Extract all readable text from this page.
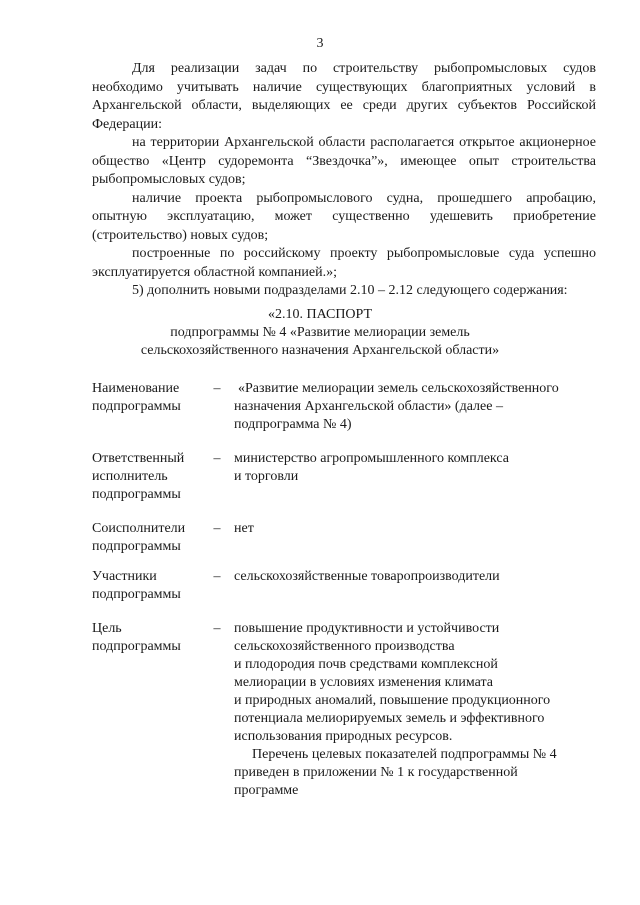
3

Для реализации задач по строительству рыбопромысловых судов необходимо учитывать наличие существующих благоприятных условий в Архангельской области, выделяющих ее среди других субъектов Российской Федерации:

на территории Архангельской области располагается открытое акционерное общество «Центр судоремонта “Звездочка”», имеющее опыт строительства рыбопромысловых судов;

наличие проекта рыбопромыслового судна, прошедшего апробацию, опытную эксплуатацию, может существенно удешевить приобретение (строительство) новых судов;

построенные по российскому проекту рыбопромысловые суда успешно эксплуатируется областной компанией.»;

5) дополнить новыми подразделами 2.10 – 2.12 следующего содержания:

«2.10. ПАСПОРТ
подпрограммы № 4 «Развитие мелиорации земель
сельскохозяйственного назначения Архангельской области»
Наименование
подпрограммы
– «Развитие мелиорации земель сельскохозяйственного
назначения Архангельской области» (далее –
подпрограмма № 4)
Ответственный
исполнитель
подпрограммы
– министерство агропромышленного комплекса
и торговли
Соисполнители
подпрограммы
– нет
Участники
подпрограммы
– сельскохозяйственные товаропроизводители
Цель
подпрограммы
– повышение продуктивности и устойчивости
сельскохозяйственного производства
и плодородия почв средствами комплексной
мелиорации в условиях изменения климата
и природных аномалий, повышение продукционного
потенциала мелиорируемых земель и эффективного
использования природных ресурсов.
Перечень целевых показателей подпрограммы № 4
приведен в приложении № 1 к государственной
программе
